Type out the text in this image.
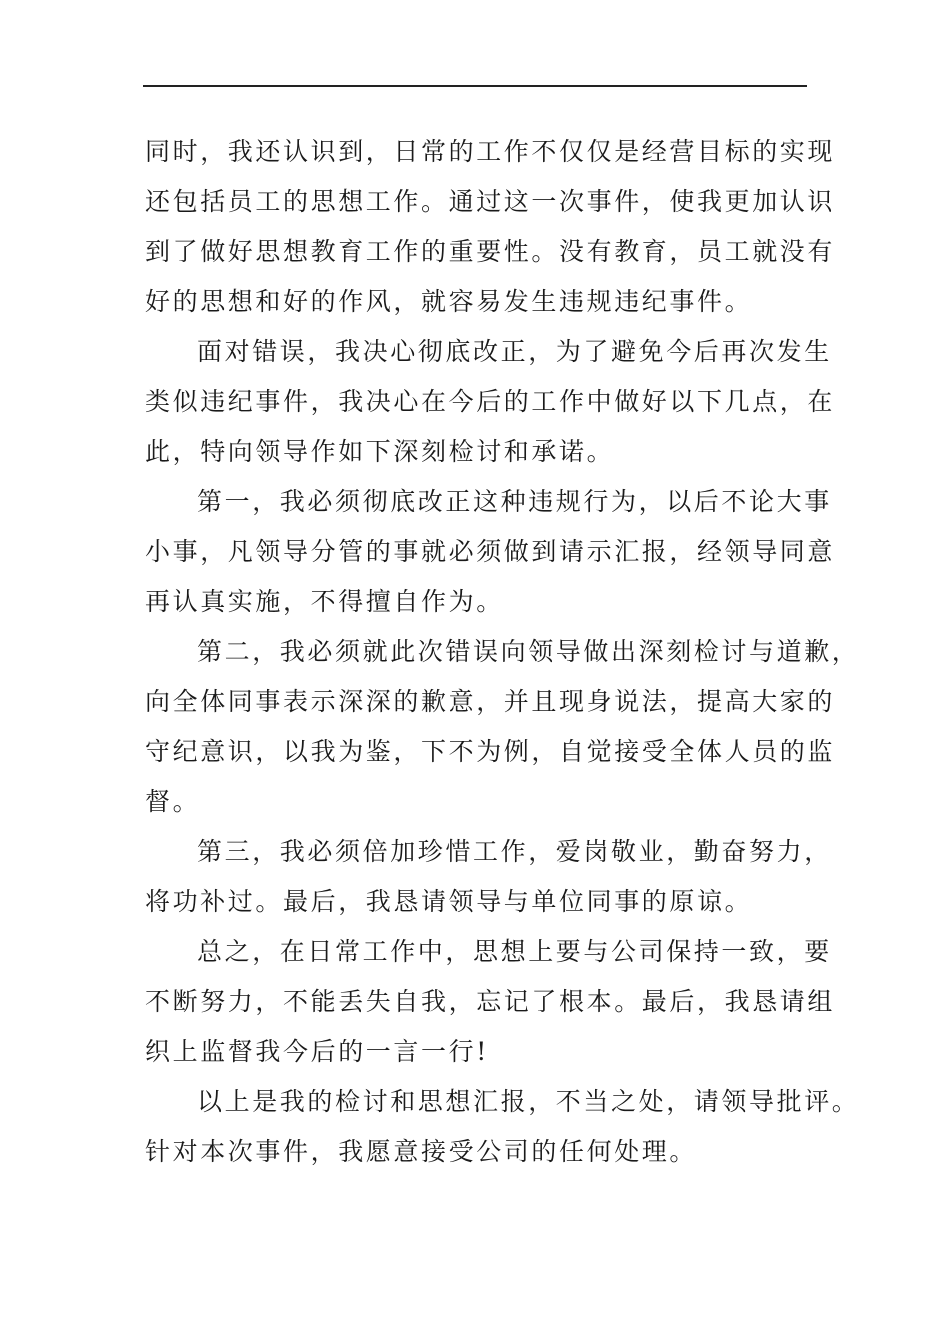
同时，我还认识到，日常的工作不仅仅是经营目标的实现
还包括员工的思想工作。通过这一次事件，使我更加认识
到了做好思想教育工作的重要性。没有教育，员工就没有
好的思想和好的作风，就容易发生违规违纪事件。
面对错误，我决心彻底改正，为了避免今后再次发生
类似违纪事件，我决心在今后的工作中做好以下几点，在
此，特向领导作如下深刻检讨和承诺。
第一，我必须彻底改正这种违规行为，以后不论大事
小事，凡领导分管的事就必须做到请示汇报，经领导同意
再认真实施，不得擅自作为。
第二，我必须就此次错误向领导做出深刻检讨与道歉，
向全体同事表示深深的歉意，并且现身说法，提高大家的
守纪意识，以我为鉴，下不为例，自觉接受全体人员的监
督。
第三，我必须倍加珍惜工作，爱岗敬业，勤奋努力，
将功补过。最后，我恳请领导与单位同事的原谅。
总之，在日常工作中，思想上要与公司保持一致，要
不断努力，不能丢失自我，忘记了根本。最后，我恳请组
织上监督我今后的一言一行!
以上是我的检讨和思想汇报，不当之处，请领导批评。
针对本次事件，我愿意接受公司的任何处理。
